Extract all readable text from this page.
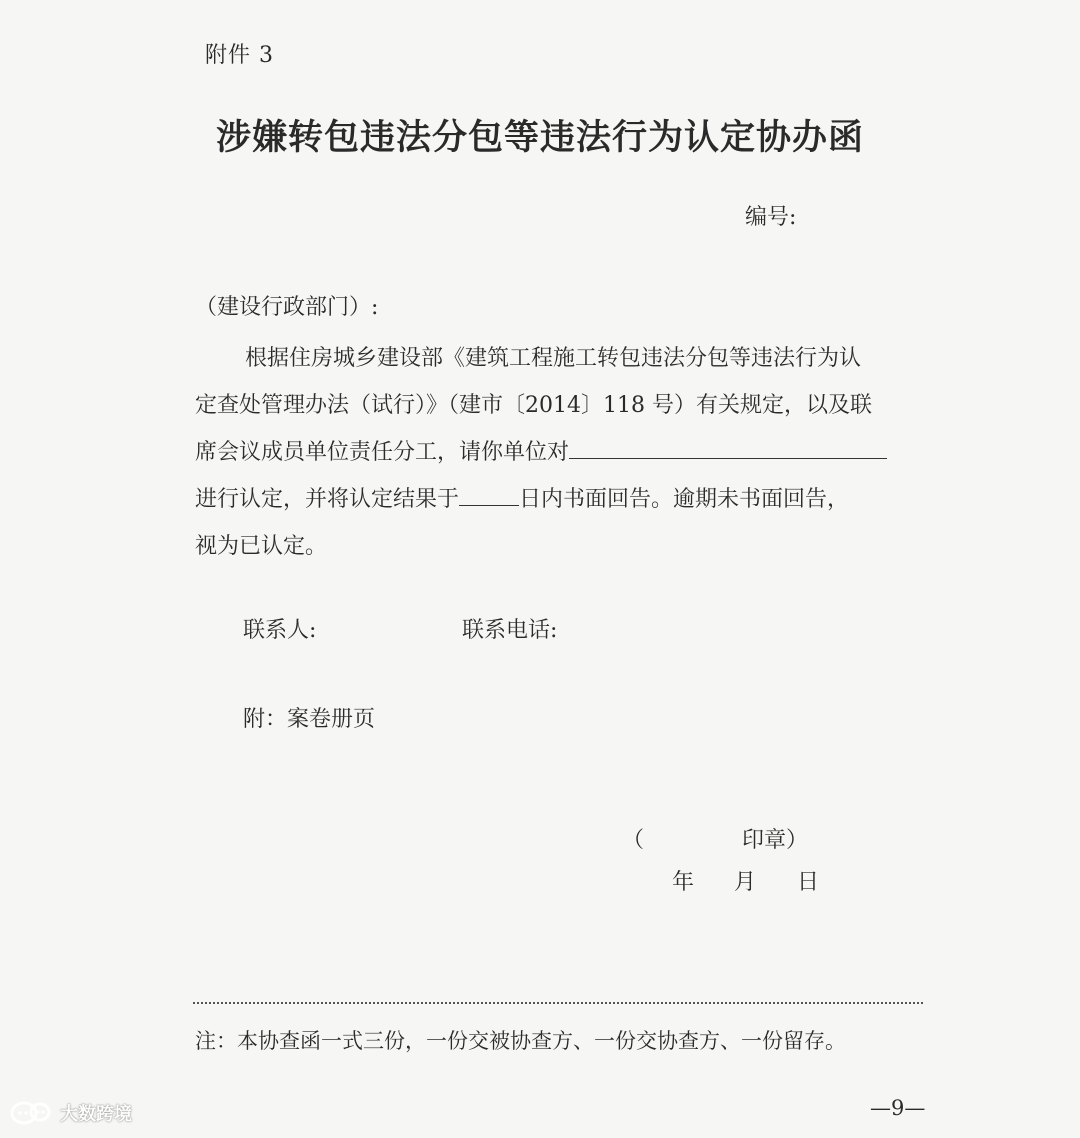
附件 3
涉嫌转包违法分包等违法行为认定协办函
编号:
（建设行政部门）:
根据住房城乡建设部《建筑工程施工转包违法分包等违法行为认
定查处管理办法（试行）》（建市〔2014〕118 号）有关规定，以及联
席会议成员单位责任分工，请你单位对
进行认定，并将认定结果于	日内书面回告。逾期未书面回告，
视为已认定。
联系人:	联系电话:
附：案卷册页
（	印章）
年 月 日
注：本协查函一式三份，一份交被协查方、一份交协查方、一份留存。
—9—
大数跨境
